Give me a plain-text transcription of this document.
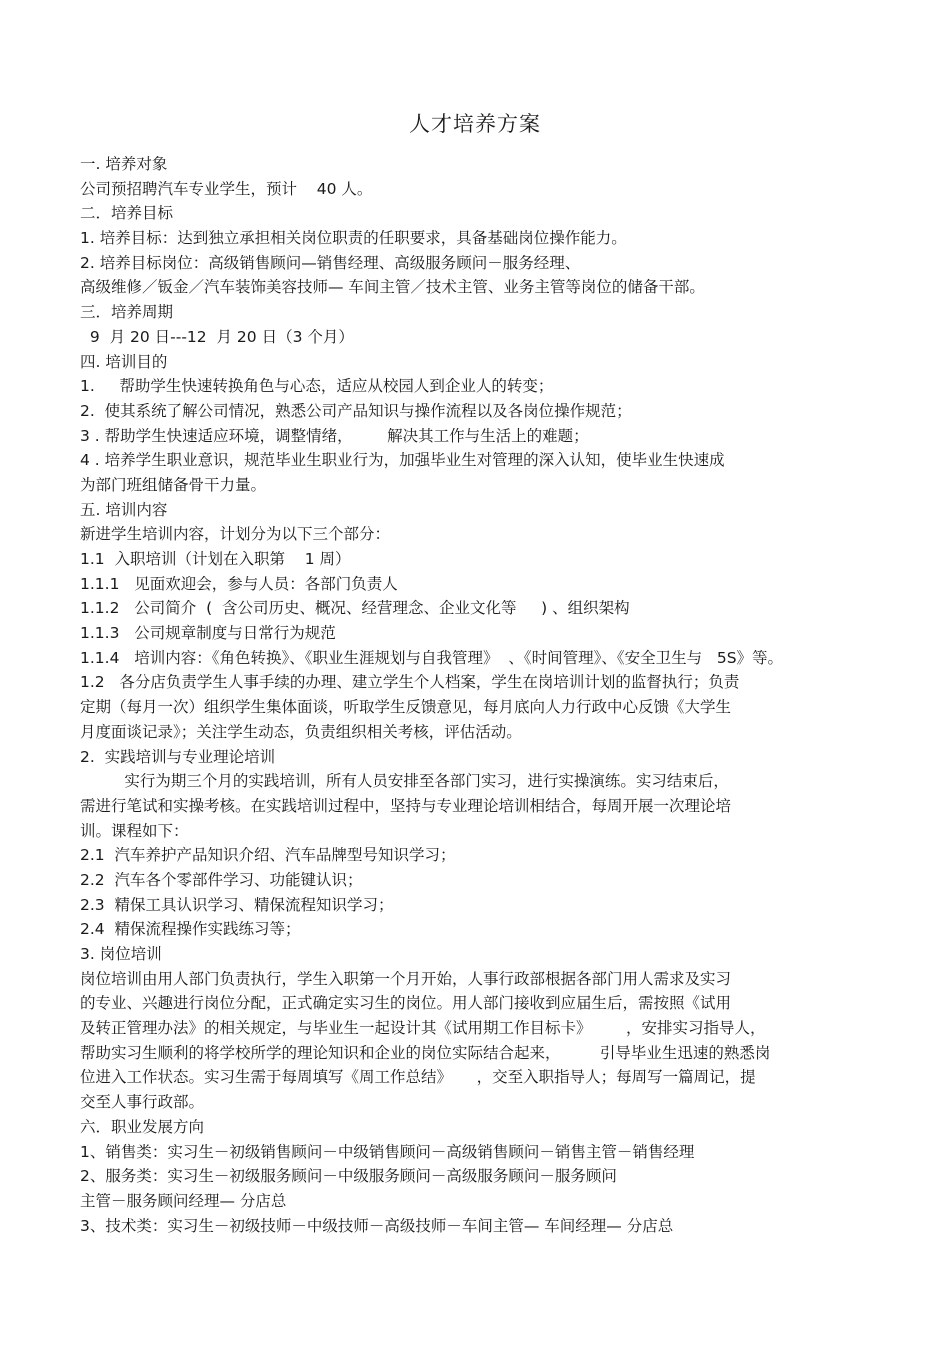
人才培养方案
一. 培养对象
公司预招聘汽车专业学生，预计    40 人。
二．培养目标
1. 培养目标：达到独立承担相关岗位职责的任职要求，具备基础岗位操作能力。
2. 培养目标岗位：高级销售顾问—销售经理、高级服务顾问－服务经理、
高级维修／钣金／汽车装饰美容技师— 车间主管／技术主管、业务主管等岗位的储备干部。
三．培养周期
9  月 20 日---12  月 20 日（3 个月）
四. 培训目的
1.     帮助学生快速转换角色与心态，适应从校园人到企业人的转变；
2.  使其系统了解公司情况，熟悉公司产品知识与操作流程以及各岗位操作规范；
3 . 帮助学生快速适应环境，调整情绪，       解决其工作与生活上的难题；
4 . 培养学生职业意识，规范毕业生职业行为，加强毕业生对管理的深入认知，使毕业生快速成
为部门班组储备骨干力量。
五. 培训内容
新进学生培训内容，计划分为以下三个部分：
1.1  入职培训（计划在入职第    1 周）
1.1.1   见面欢迎会，参与人员：各部门负责人
1.1.2   公司简介  (  含公司历史、概况、经营理念、企业文化等     ) 、组织架构
1.1.3   公司规章制度与日常行为规范
1.1.4   培训内容：《角色转换》、《职业生涯规划与自我管理》  、《时间管理》、《安全卫生与   5S》等。
1.2   各分店负责学生人事手续的办理、建立学生个人档案，学生在岗培训计划的监督执行；负责
定期（每月一次）组织学生集体面谈，听取学生反馈意见，每月底向人力行政中心反馈《大学生
月度面谈记录》；关注学生动态，负责组织相关考核，评估活动。
2.  实践培训与专业理论培训
实行为期三个月的实践培训，所有人员安排至各部门实习，进行实操演练。实习结束后，
需进行笔试和实操考核。在实践培训过程中，坚持与专业理论培训相结合，每周开展一次理论培
训。课程如下：
2.1  汽车养护产品知识介绍、汽车品牌型号知识学习；
2.2  汽车各个零部件学习、功能键认识；
2.3  精保工具认识学习、精保流程知识学习；
2.4  精保流程操作实践练习等；
3. 岗位培训
岗位培训由用人部门负责执行，学生入职第一个月开始，人事行政部根据各部门用人需求及实习
的专业、兴趣进行岗位分配，正式确定实习生的岗位。用人部门接收到应届生后，需按照《试用
及转正管理办法》的相关规定，与毕业生一起设计其《试用期工作目标卡》       ，安排实习指导人，
帮助实习生顺利的将学校所学的理论知识和企业的岗位实际结合起来，        引导毕业生迅速的熟悉岗
位进入工作状态。实习生需于每周填写《周工作总结》     ，交至入职指导人；每周写一篇周记，提
交至人事行政部。
六．职业发展方向
1、销售类：实习生－初级销售顾问－中级销售顾问－高级销售顾问－销售主管－销售经理
2、服务类：实习生－初级服务顾问－中级服务顾问－高级服务顾问－服务顾问
主管－服务顾问经理— 分店总
3、技术类：实习生－初级技师－中级技师－高级技师－车间主管— 车间经理— 分店总
